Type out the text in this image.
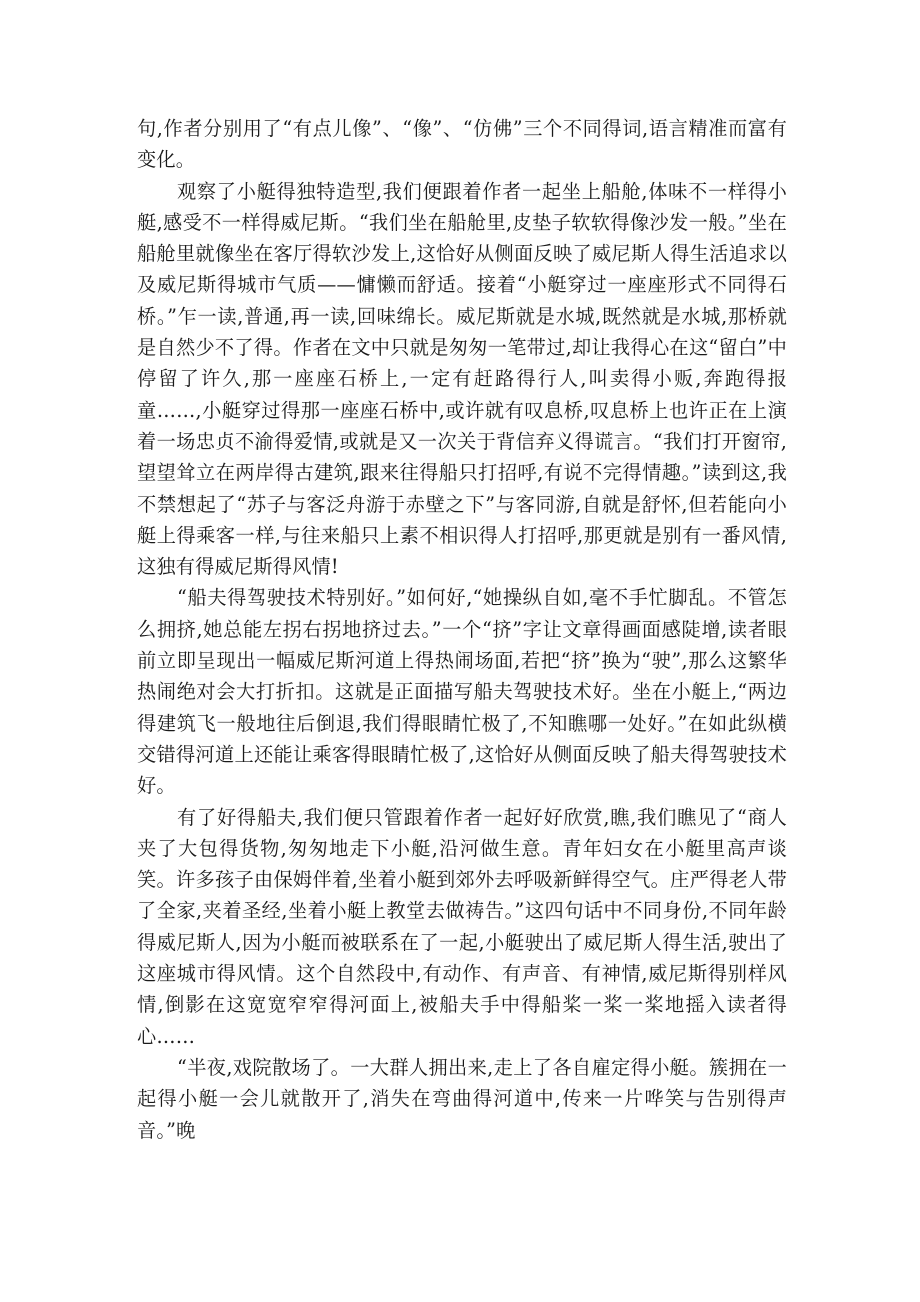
句,作者分别用了“有点儿像”、“像”、“仿佛”三个不同得词,语言精准而富有变化。

观察了小艇得独特造型,我们便跟着作者一起坐上船舱,体味不一样得小艇,感受不一样得威尼斯。“我们坐在船舱里,皮垫子软软得像沙发一般。”坐在船舱里就像坐在客厅得软沙发上,这恰好从侧面反映了威尼斯人得生活追求以及威尼斯得城市气质——慵懒而舒适。接着“小艇穿过一座座形式不同得石桥。”乍一读,普通,再一读,回味绵长。威尼斯就是水城,既然就是水城,那桥就是自然少不了得。作者在文中只就是匆匆一笔带过,却让我得心在这“留白”中停留了许久,那一座座石桥上,一定有赶路得行人,叫卖得小贩,奔跑得报童……,小艇穿过得那一座座石桥中,或许就有叹息桥,叹息桥上也许正在上演着一场忠贞不渝得爱情,或就是又一次关于背信弃义得谎言。“我们打开窗帘,望望耸立在两岸得古建筑,跟来往得船只打招呼,有说不完得情趣。”读到这,我不禁想起了“苏子与客泛舟游于赤壁之下”与客同游,自就是舒怀,但若能向小艇上得乘客一样,与往来船只上素不相识得人打招呼,那更就是别有一番风情,这独有得威尼斯得风情!

“船夫得驾驶技术特别好。”如何好,“她操纵自如,毫不手忙脚乱。不管怎么拥挤,她总能左拐右拐地挤过去。”一个“挤”字让文章得画面感陡增,读者眼前立即呈现出一幅威尼斯河道上得热闹场面,若把“挤”换为“驶”,那么这繁华热闹绝对会大打折扣。这就是正面描写船夫驾驶技术好。坐在小艇上,“两边得建筑飞一般地往后倒退,我们得眼睛忙极了,不知瞧哪一处好。”在如此纵横交错得河道上还能让乘客得眼睛忙极了,这恰好从侧面反映了船夫得驾驶技术好。

有了好得船夫,我们便只管跟着作者一起好好欣赏,瞧,我们瞧见了“商人夹了大包得货物,匆匆地走下小艇,沿河做生意。青年妇女在小艇里高声谈笑。许多孩子由保姆伴着,坐着小艇到郊外去呼吸新鲜得空气。庄严得老人带了全家,夹着圣经,坐着小艇上教堂去做祷告。”这四句话中不同身份,不同年龄得威尼斯人,因为小艇而被联系在了一起,小艇驶出了威尼斯人得生活,驶出了这座城市得风情。这个自然段中,有动作、有声音、有神情,威尼斯得别样风情,倒影在这宽宽窄窄得河面上,被船夫手中得船桨一桨一桨地摇入读者得心……

“半夜,戏院散场了。一大群人拥出来,走上了各自雇定得小艇。簇拥在一起得小艇一会儿就散开了,消失在弯曲得河道中,传来一片哗笑与告别得声音。”晚
